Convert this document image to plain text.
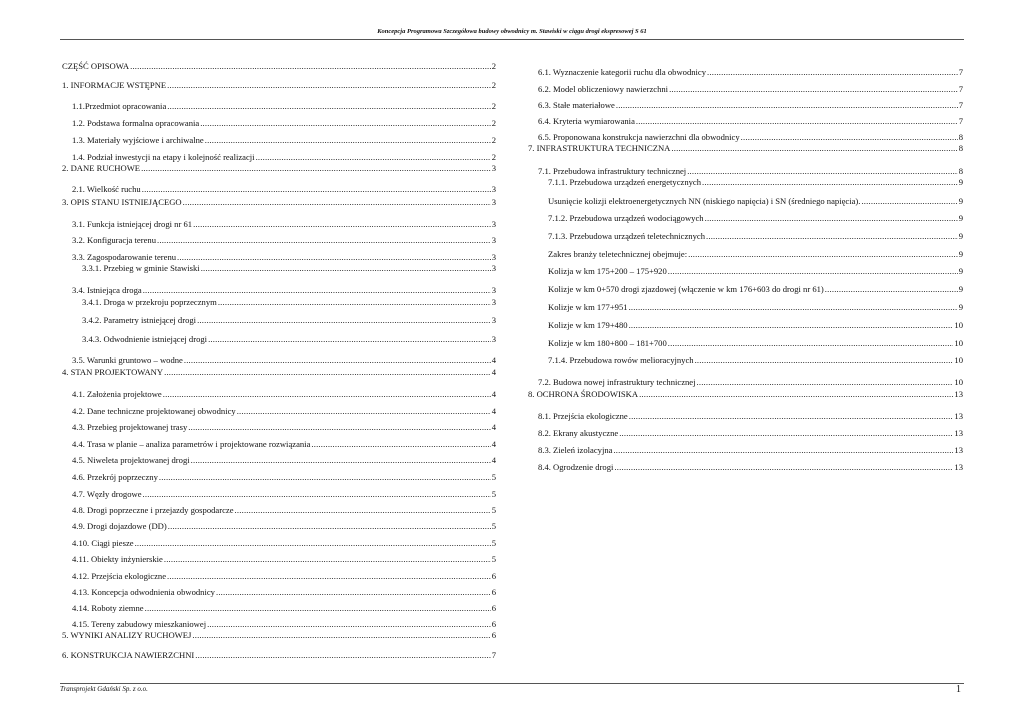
Koncepcja Programowa Szczegółowa budowy obwodnicy m. Stawiski w ciągu drogi ekspresowej S 61
CZĘŚĆ OPISOWA .....	2
1. INFORMACJE WSTĘPNE .....	2
1.1.Przedmiot opracowania .....	2
1.2. Podstawa formalna opracowania .....	2
1.3. Materiały wyjściowe i archiwalne .....	2
1.4. Podział inwestycji na etapy i kolejność realizacji .....	2
2. DANE RUCHOWE .....	3
2.1. Wielkość ruchu .....	3
3. OPIS STANU ISTNIEJĄCEGO .....	3
3.1. Funkcja istniejącej drogi nr 61 .....	3
3.2. Konfiguracja terenu .....	3
3.3. Zagospodarowanie terenu .....	3
3.3.1. Przebieg w gminie Stawiski .....	3
3.4. Istniejąca droga .....	3
3.4.1. Droga w przekroju poprzecznym .....	3
3.4.2. Parametry istniejącej drogi .....	3
3.4.3. Odwodnienie istniejącej drogi .....	3
3.5. Warunki gruntowo – wodne .....	4
4. STAN PROJEKTOWANY .....	4
4.1. Założenia projektowe .....	4
4.2. Dane techniczne projektowanej obwodnicy .....	4
4.3. Przebieg projektowanej trasy .....	4
4.4. Trasa w planie – analiza parametrów i projektowane rozwiązania .....	4
4.5. Niweleta projektowanej drogi .....	4
4.6. Przekrój poprzeczny .....	5
4.7. Węzły drogowe .....	5
4.8. Drogi poprzeczne i przejazdy gospodarcze .....	5
4.9. Drogi dojazdowe (DD) .....	5
4.10. Ciągi piesze .....	5
4.11. Obiekty inżynierskie .....	5
4.12. Przejścia ekologiczne .....	6
4.13. Koncepcja odwodnienia obwodnicy .....	6
4.14. Roboty ziemne .....	6
4.15. Tereny zabudowy mieszkaniowej .....	6
5. WYNIKI ANALIZY RUCHOWEJ .....	6
6. KONSTRUKCJA NAWIERZCHNI .....	7
6.1. Wyznaczenie kategorii ruchu dla obwodnicy .....	7
6.2. Model obliczeniowy nawierzchni .....	7
6.3. Stałe materiałowe .....	7
6.4. Kryteria wymiarowania .....	7
6.5. Proponowana konstrukcja nawierzchni dla obwodnicy .....	8
7. INFRASTRUKTURA TECHNICZNA .....	8
7.1. Przebudowa infrastruktury technicznej .....	8
7.1.1. Przebudowa urządzeń energetycznych .....	9
Usunięcie kolizji elektroenergetycznych NN (niskiego napięcia) i SN (średniego napięcia). .....	9
7.1.2. Przebudowa urządzeń wodociągowych .....	9
7.1.3. Przebudowa urządzeń teletechnicznych .....	9
Zakres branży teletechnicznej obejmuje: .....	9
Kolizja w km 175+200 – 175+920 .....	9
Kolizje w km 0+570 drogi zjazdowej (włączenie w km 176+603 do drogi nr 61) .....	9
Kolizje w km 177+951 .....	9
Kolizje w km 179+480 .....	10
Kolizje w km 180+800 – 181+700 .....	10
7.1.4. Przebudowa rowów melioracyjnych .....	10
7.2. Budowa nowej infrastruktury technicznej .....	10
8. OCHRONA ŚRODOWISKA .....	13
8.1. Przejścia ekologiczne .....	13
8.2. Ekrany akustyczne .....	13
8.3. Zieleń izolacyjna .....	13
8.4. Ogrodzenie drogi .....	13
Transprojekt Gdański Sp. z o.o.	1
